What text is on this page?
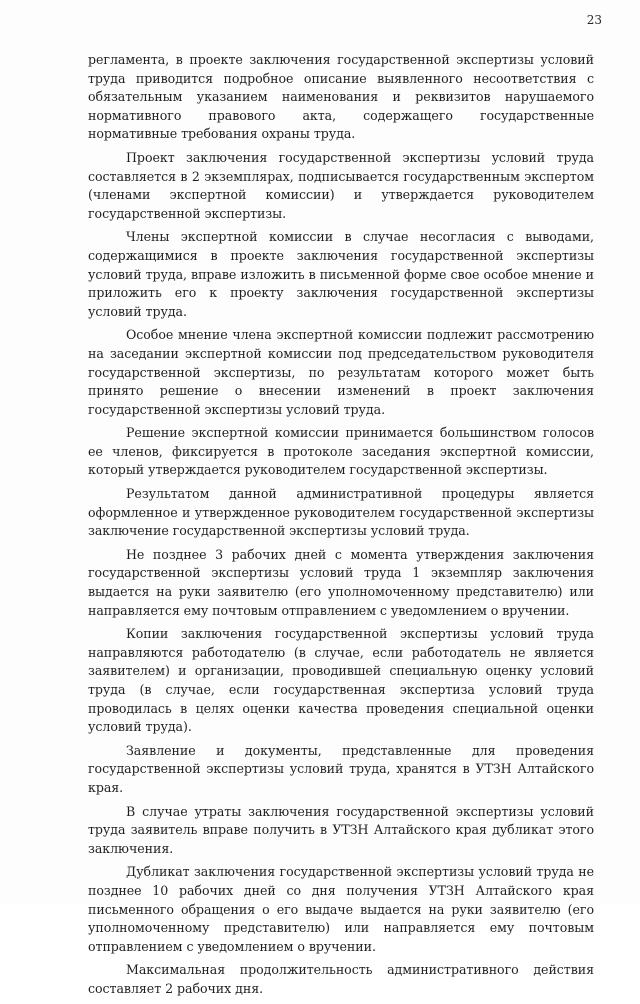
23

регламента, в проекте заключения государственной экспертизы условий труда приводится подробное описание выявленного несоответствия с обязательным указанием наименования и реквизитов нарушаемого нормативного правового акта, содержащего государственные нормативные требования охраны труда.

Проект заключения государственной экспертизы условий труда составляется в 2 экземплярах, подписывается государственным экспертом (членами экспертной комиссии) и утверждается руководителем государственной экспертизы.

Члены экспертной комиссии в случае несогласия с выводами, содержащимися в проекте заключения государственной экспертизы условий труда, вправе изложить в письменной форме свое особое мнение и приложить его к проекту заключения государственной экспертизы условий труда.

Особое мнение члена экспертной комиссии подлежит рассмотрению на заседании экспертной комиссии под председательством руководителя государственной экспертизы, по результатам которого может быть принято решение о внесении изменений в проект заключения государственной экспертизы условий труда.

Решение экспертной комиссии принимается большинством голосов ее членов, фиксируется в протоколе заседания экспертной комиссии, который утверждается руководителем государственной экспертизы.

Результатом данной административной процедуры является оформленное и утвержденное руководителем государственной экспертизы заключение государственной экспертизы условий труда.

Не позднее 3 рабочих дней с момента утверждения заключения государственной экспертизы условий труда 1 экземпляр заключения выдается на руки заявителю (его уполномоченному представителю) или направляется ему почтовым отправлением с уведомлением о вручении.

Копии заключения государственной экспертизы условий труда направляются работодателю (в случае, если работодатель не является заявителем) и организации, проводившей специальную оценку условий труда (в случае, если государственная экспертиза условий труда проводилась в целях оценки качества проведения специальной оценки условий труда).

Заявление и документы, представленные для проведения государственной экспертизы условий труда, хранятся в УТЗН Алтайского края.

В случае утраты заключения государственной экспертизы условий труда заявитель вправе получить в УТЗН Алтайского края дубликат этого заключения.

Дубликат заключения государственной экспертизы условий труда не позднее 10 рабочих дней со дня получения УТЗН Алтайского края письменного обращения о его выдаче выдается на руки заявителю (его уполномоченному представителю) или направляется ему почтовым отправлением с уведомлением о вручении.

Максимальная продолжительность административного действия составляет 2 рабочих дня.
